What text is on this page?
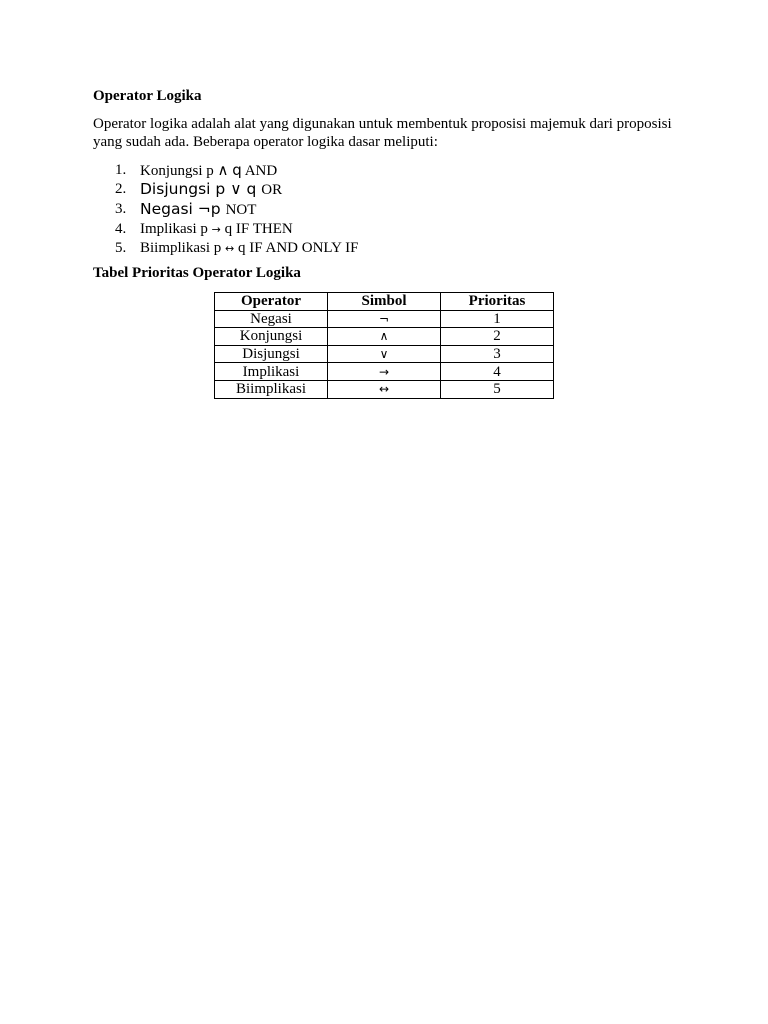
Operator Logika
Operator logika adalah alat yang digunakan untuk membentuk proposisi majemuk dari proposisi yang sudah ada. Beberapa operator logika dasar meliputi:
1. Konjungsi p ∧ q AND
2. Disjungsi p ∨ q OR
3. Negasi ¬p NOT
4. Implikasi p → q IF THEN
5. Biimplikasi p ↔ q IF AND ONLY IF
Tabel Prioritas Operator Logika
Operator	Simbol	Prioritas
Negasi	¬	1
Konjungsi	∧	2
Disjungsi	∨	3
Implikasi	→	4
Biimplikasi	↔	5
